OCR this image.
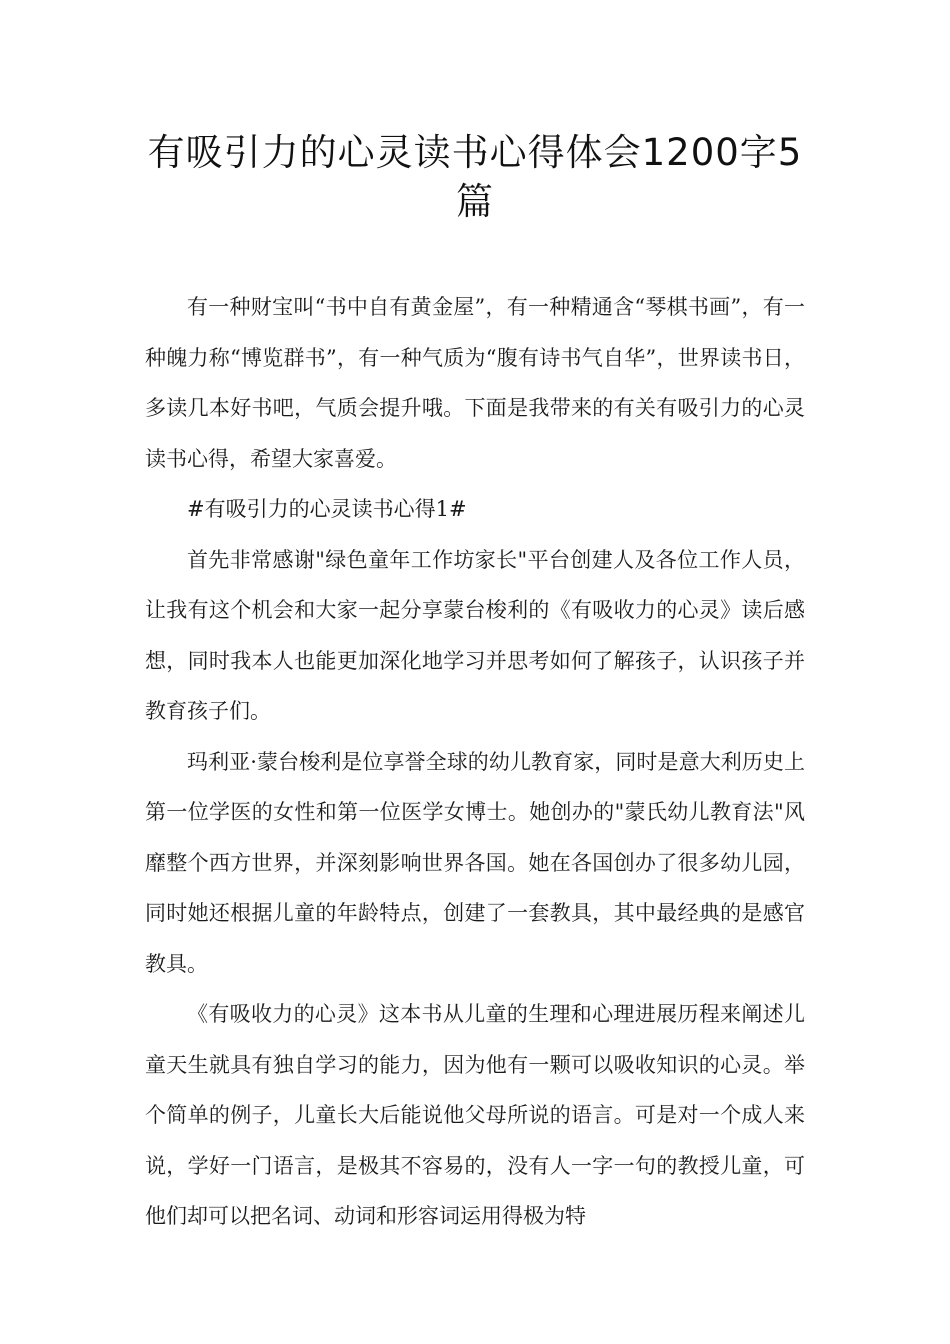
有吸引力的心灵读书心得体会1200字5篇

有一种财宝叫“书中自有黄金屋”，有一种精通含“琴棋书画”，有一种魄力称“博览群书”，有一种气质为“腹有诗书气自华”，世界读书日，多读几本好书吧，气质会提升哦。下面是我带来的有关有吸引力的心灵读书心得，希望大家喜爱。

#有吸引力的心灵读书心得1#

首先非常感谢"绿色童年工作坊家长"平台创建人及各位工作人员，让我有这个机会和大家一起分享蒙台梭利的《有吸收力的心灵》读后感想，同时我本人也能更加深化地学习并思考如何了解孩子，认识孩子并教育孩子们。

玛利亚·蒙台梭利是位享誉全球的幼儿教育家，同时是意大利历史上第一位学医的女性和第一位医学女博士。她创办的"蒙氏幼儿教育法"风靡整个西方世界，并深刻影响世界各国。她在各国创办了很多幼儿园，同时她还根据儿童的年龄特点，创建了一套教具，其中最经典的是感官教具。

《有吸收力的心灵》这本书从儿童的生理和心理进展历程来阐述儿童天生就具有独自学习的能力，因为他有一颗可以吸收知识的心灵。举个简单的例子，儿童长大后能说他父母所说的语言。可是对一个成人来说，学好一门语言，是极其不容易的，没有人一字一句的教授儿童，可他们却可以把名词、动词和形容词运用得极为特
